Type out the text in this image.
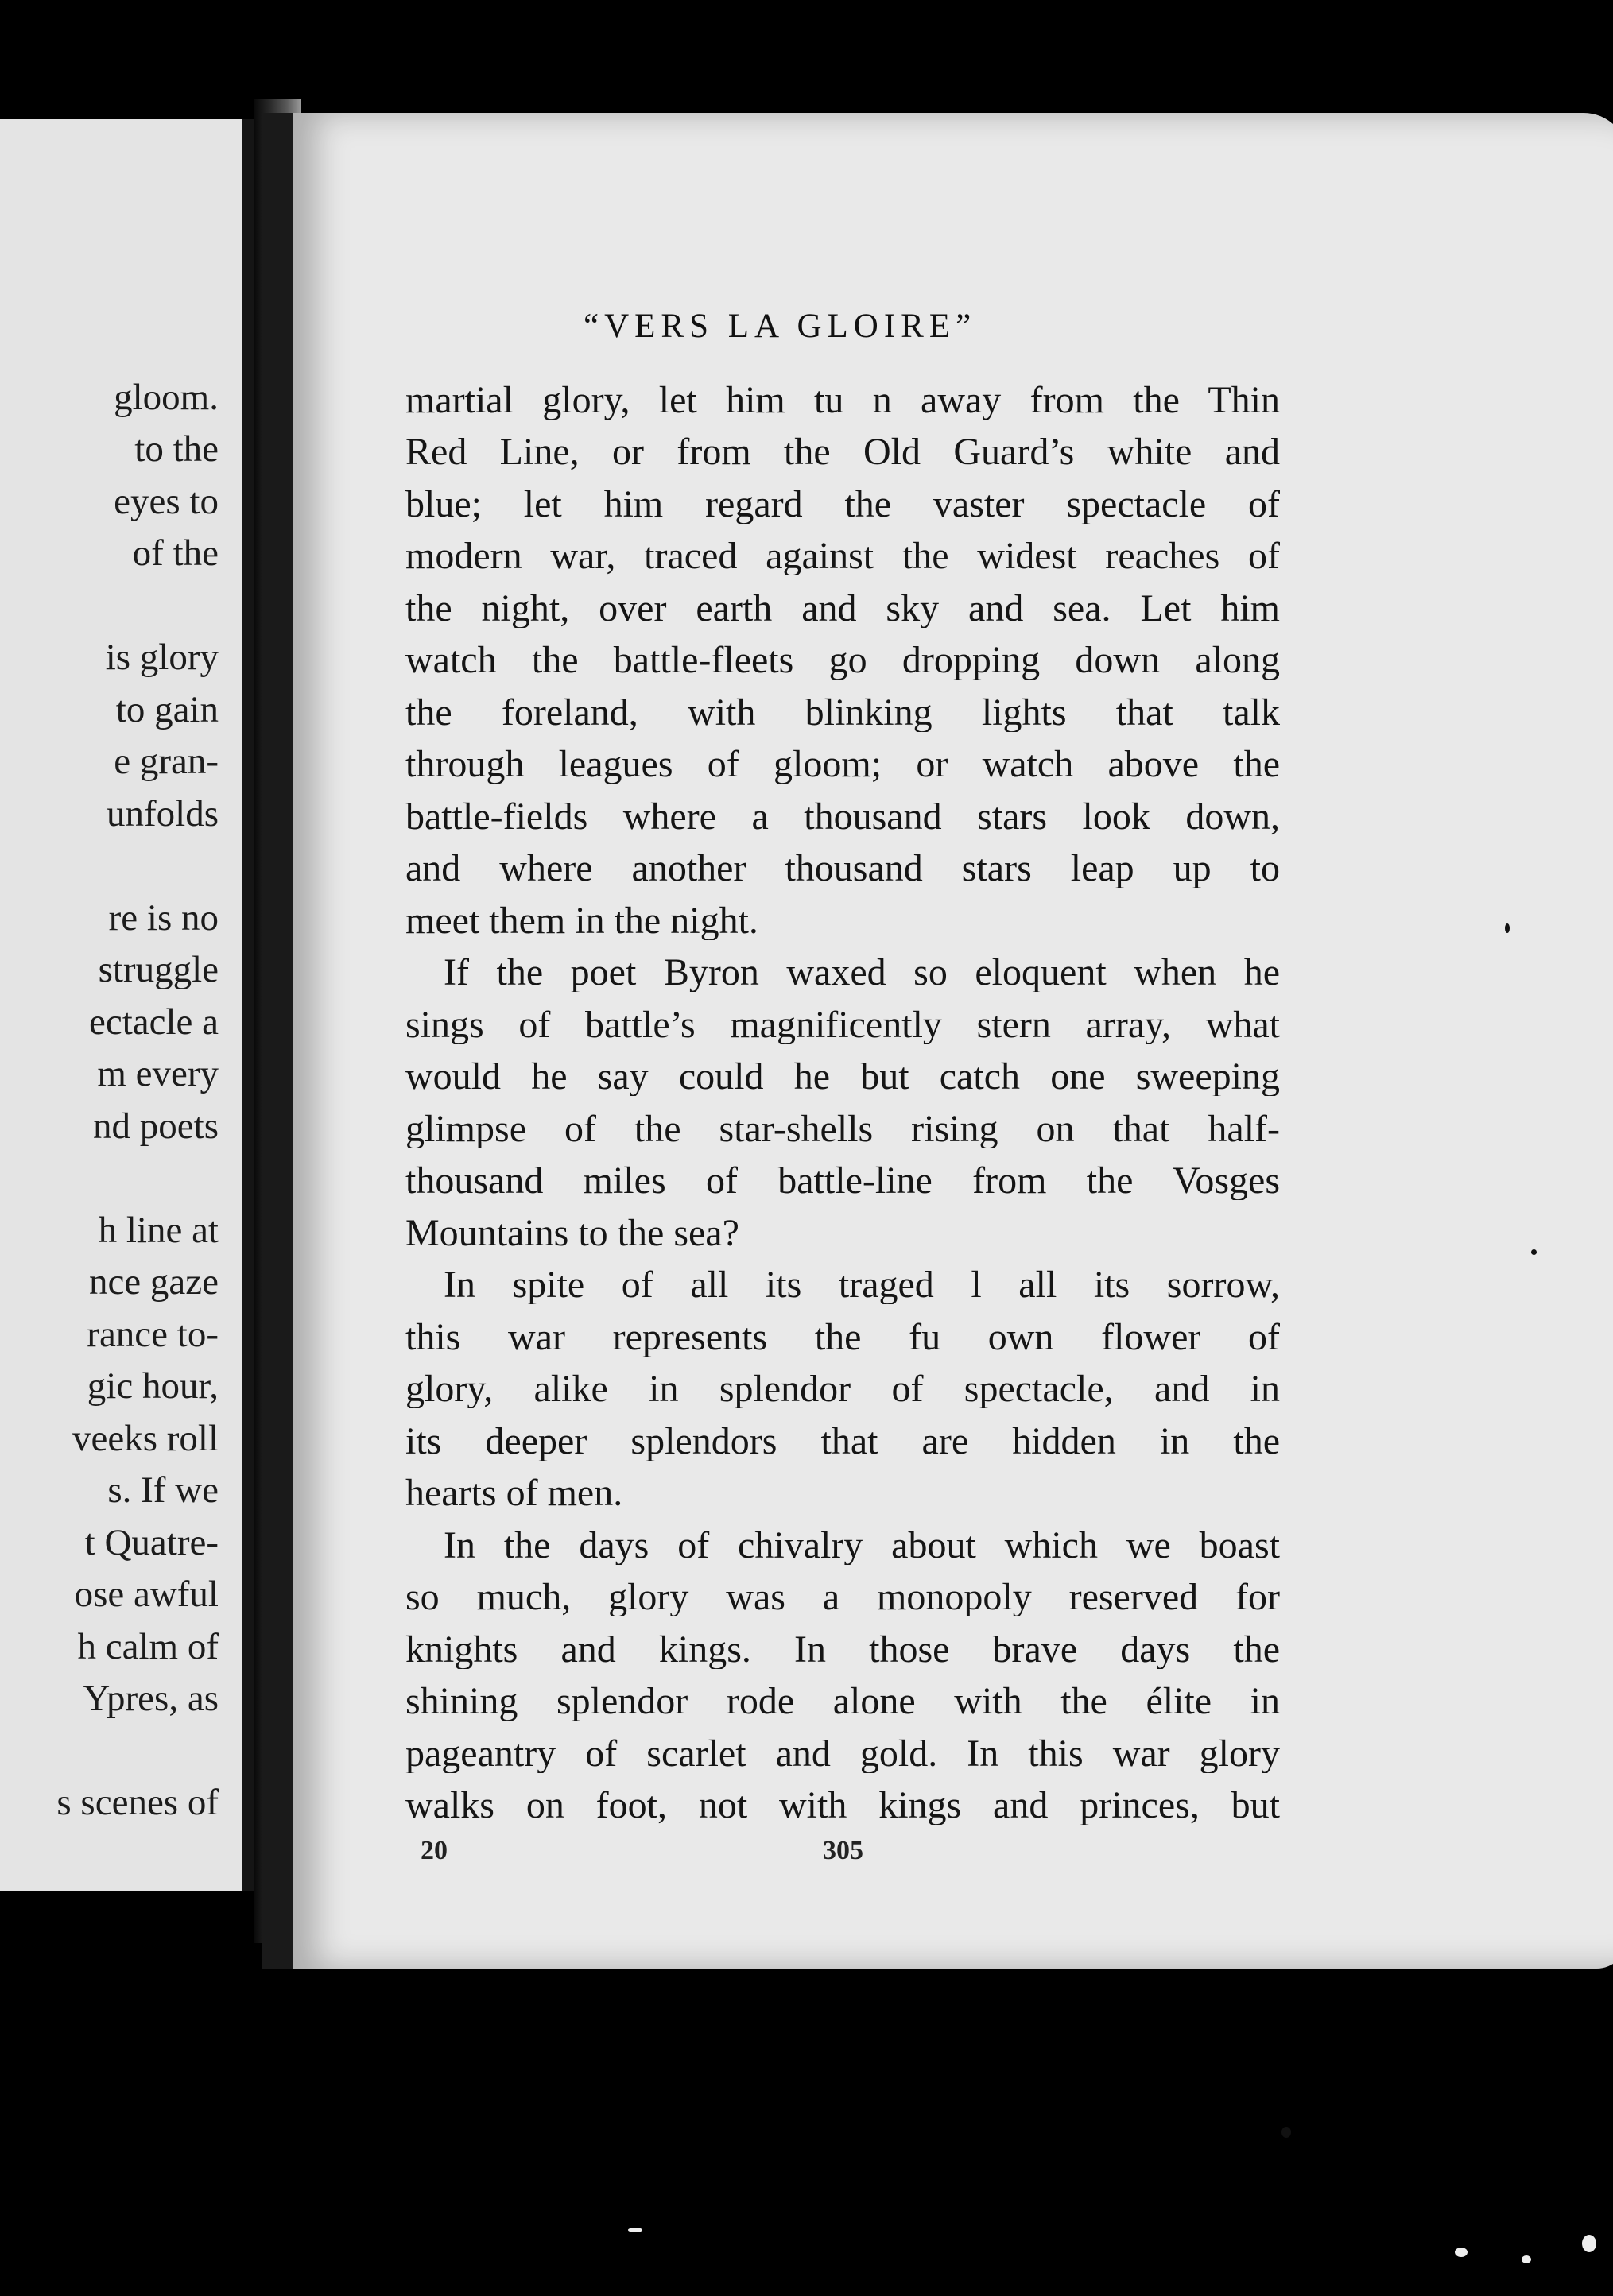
gloom.
to the
eyes to
of the
is glory
to gain
e gran-
unfolds
re is no
struggle
ectacle a
m every
nd poets
h line at
nce gaze
rance to-
gic hour,
veeks roll
s. If we
t Quatre-
ose awful
h calm of
Ypres, as
s scenes of
“VERS LA GLOIRE”
martial glory, let him tu n away from the Thin
Red Line, or from the Old Guard’s white and
blue; let him regard the vaster spectacle of
modern war, traced against the widest reaches of
the night, over earth and sky and sea. Let him
watch the battle-fleets go dropping down along
the foreland, with blinking lights that talk
through leagues of gloom; or watch above the
battle-fields where a thousand stars look down,
and where another thousand stars leap up to
meet them in the night.
If the poet Byron waxed so eloquent when he
sings of battle’s magnificently stern array, what
would he say could he but catch one sweeping
glimpse of the star-shells rising on that half-
thousand miles of battle-line from the Vosges
Mountains to the sea?
In spite of all its traged l all its sorrow,
this war represents the fu own flower of
glory, alike in splendor of spectacle, and in
its deeper splendors that are hidden in the
hearts of men.
In the days of chivalry about which we boast
so much, glory was a monopoly reserved for
knights and kings. In those brave days the
shining splendor rode alone with the élite in
pageantry of scarlet and gold. In this war glory
walks on foot, not with kings and princes, but
20	305
